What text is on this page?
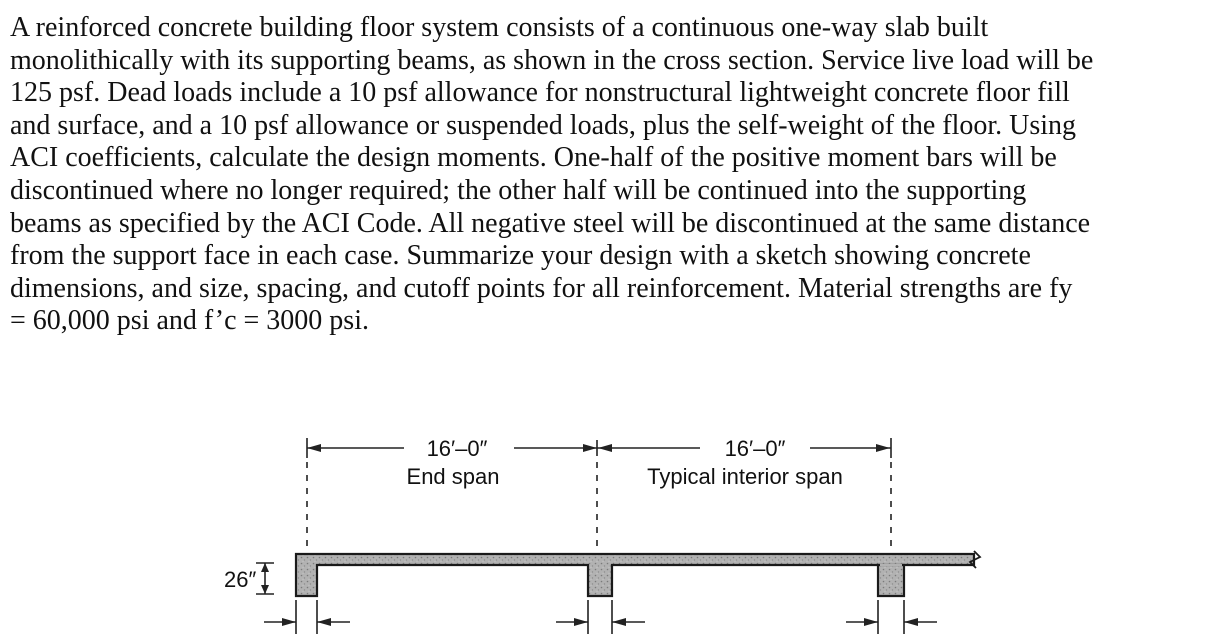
A reinforced concrete building floor system consists of a continuous one-way slab built
monolithically with its supporting beams, as shown in the cross section. Service live load will be
125 psf. Dead loads include a 10 psf allowance for nonstructural lightweight concrete floor fill
and surface, and a 10 psf allowance or suspended loads, plus the self-weight of the floor. Using
ACI coefficients, calculate the design moments. One-half of the positive moment bars will be
discontinued where no longer required; the other half will be continued into the supporting
beams as specified by the ACI Code. All negative steel will be discontinued at the same distance
from the support face in each case. Summarize your design with a sketch showing concrete
dimensions, and size, spacing, and cutoff points for all reinforcement. Material strengths are fy
= 60,000 psi and f’c = 3000 psi.
16′–0″
End span
16′–0″
Typical interior span
26″
